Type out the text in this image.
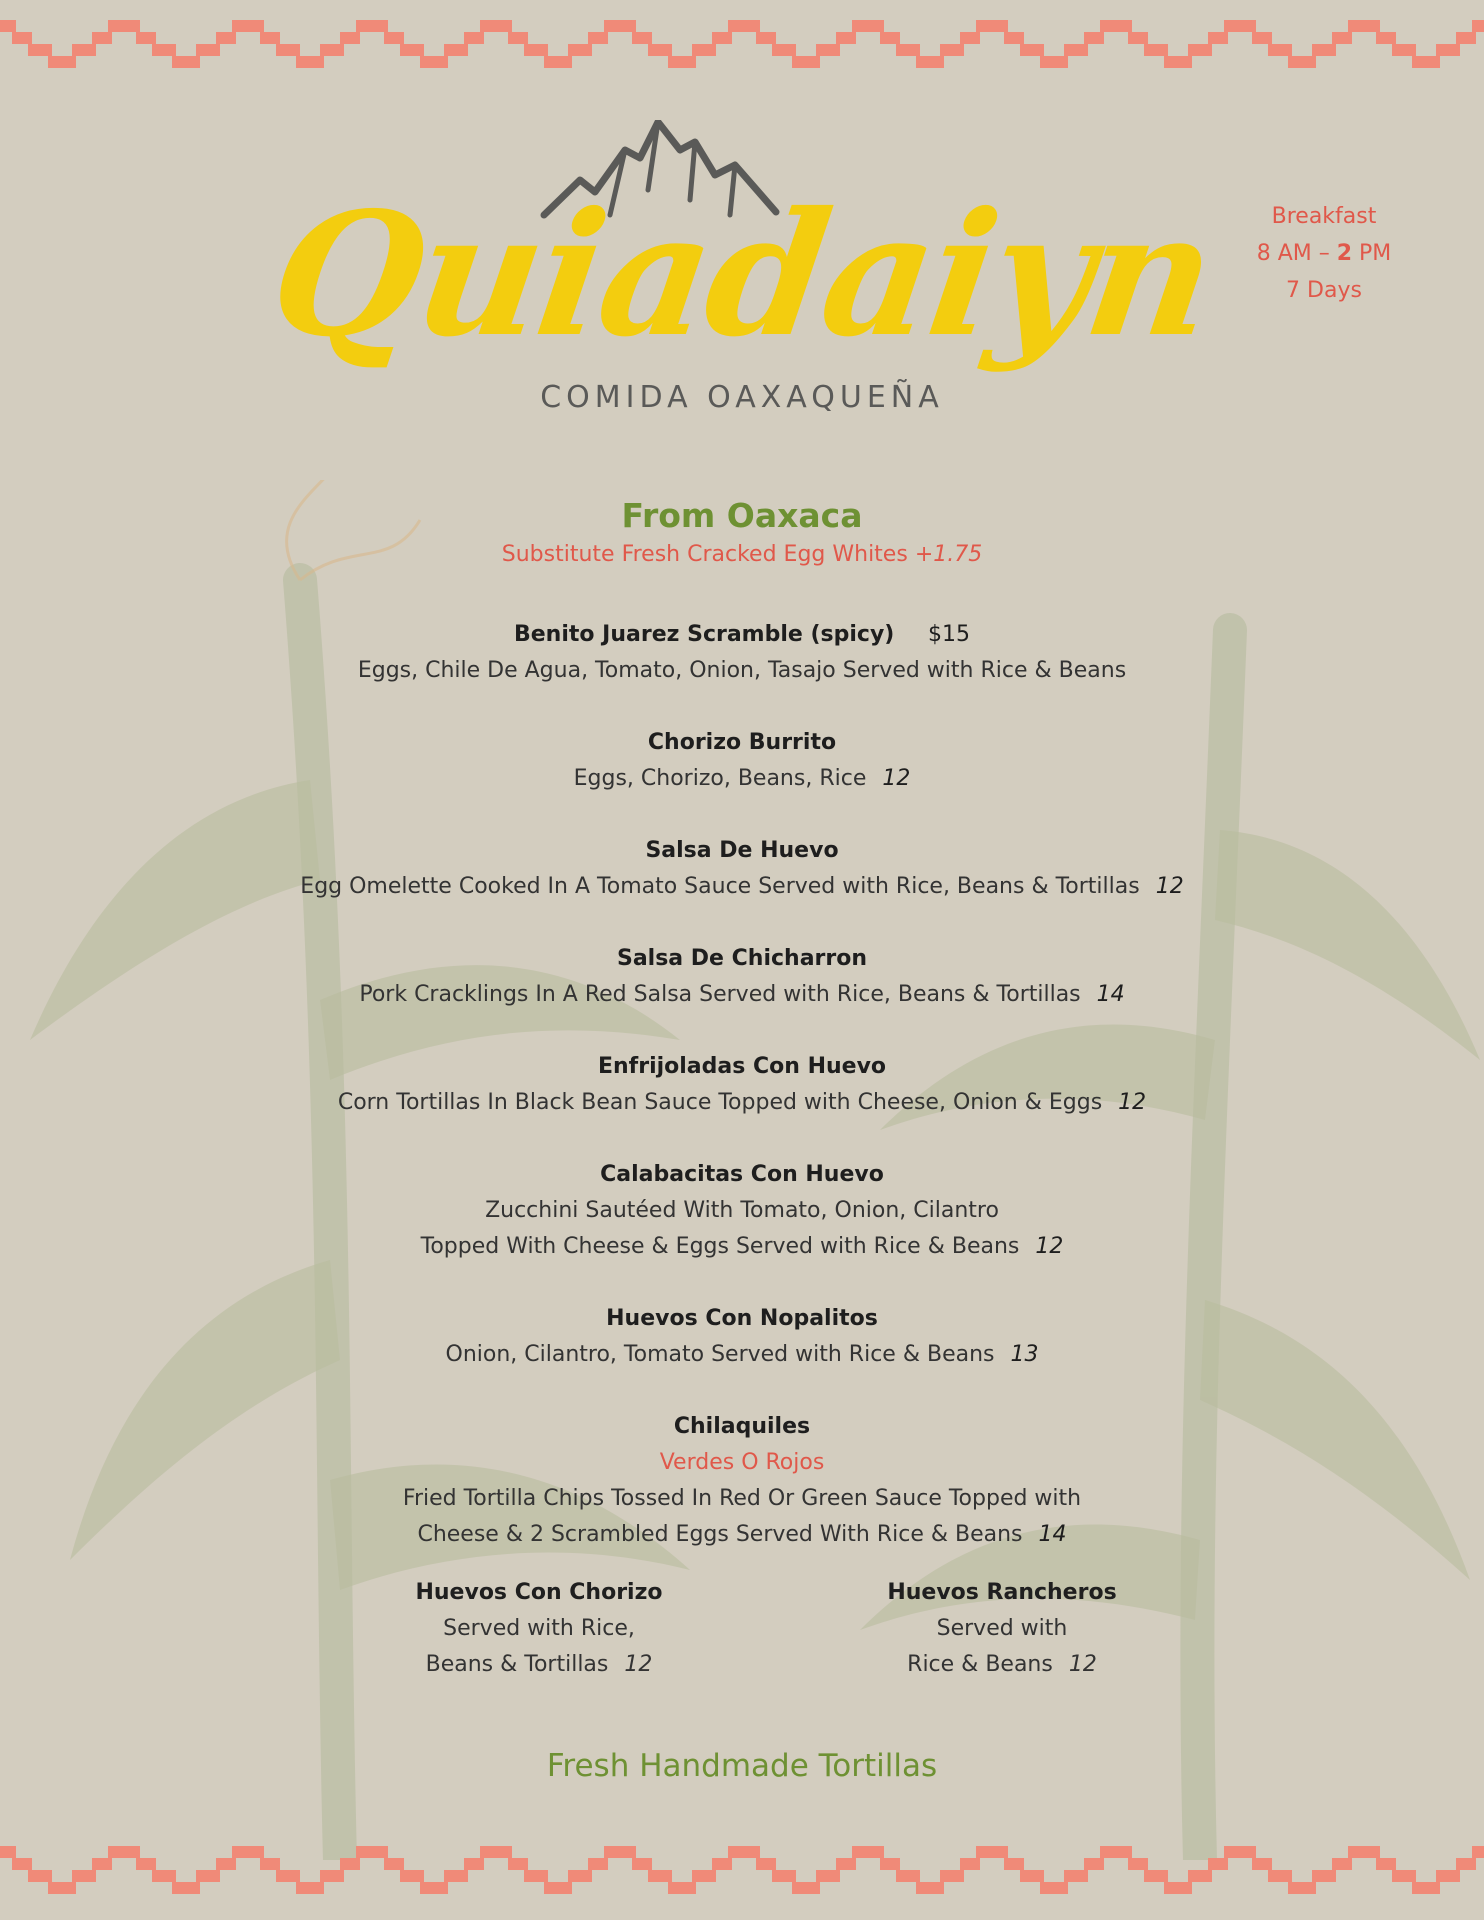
Quiadaiyn
COMIDA OAXAQUEÑA
Breakfast
8 AM – 2 PM
7 Days
From Oaxaca
Substitute Fresh Cracked Egg Whites +1.75
Benito Juarez Scramble (spicy) $15
Eggs, Chile De Agua, Tomato, Onion, Tasajo Served with Rice & Beans
Chorizo Burrito
Eggs, Chorizo, Beans, Rice 12
Salsa De Huevo
Egg Omelette Cooked In A Tomato Sauce Served with Rice, Beans & Tortillas 12
Salsa De Chicharron
Pork Cracklings In A Red Salsa Served with Rice, Beans & Tortillas 14
Enfrijoladas Con Huevo
Corn Tortillas In Black Bean Sauce Topped with Cheese, Onion & Eggs 12
Calabacitas Con Huevo
Zucchini Sautéed With Tomato, Onion, Cilantro
Topped With Cheese & Eggs Served with Rice & Beans 12
Huevos Con Nopalitos
Onion, Cilantro, Tomato Served with Rice & Beans 13
Chilaquiles
Verdes O Rojos
Fried Tortilla Chips Tossed In Red Or Green Sauce Topped with
Cheese & 2 Scrambled Eggs Served With Rice & Beans 14
Huevos Con Chorizo
Served with Rice,
Beans & Tortillas 12
Huevos Rancheros
Served with
Rice & Beans 12
Fresh Handmade Tortillas
